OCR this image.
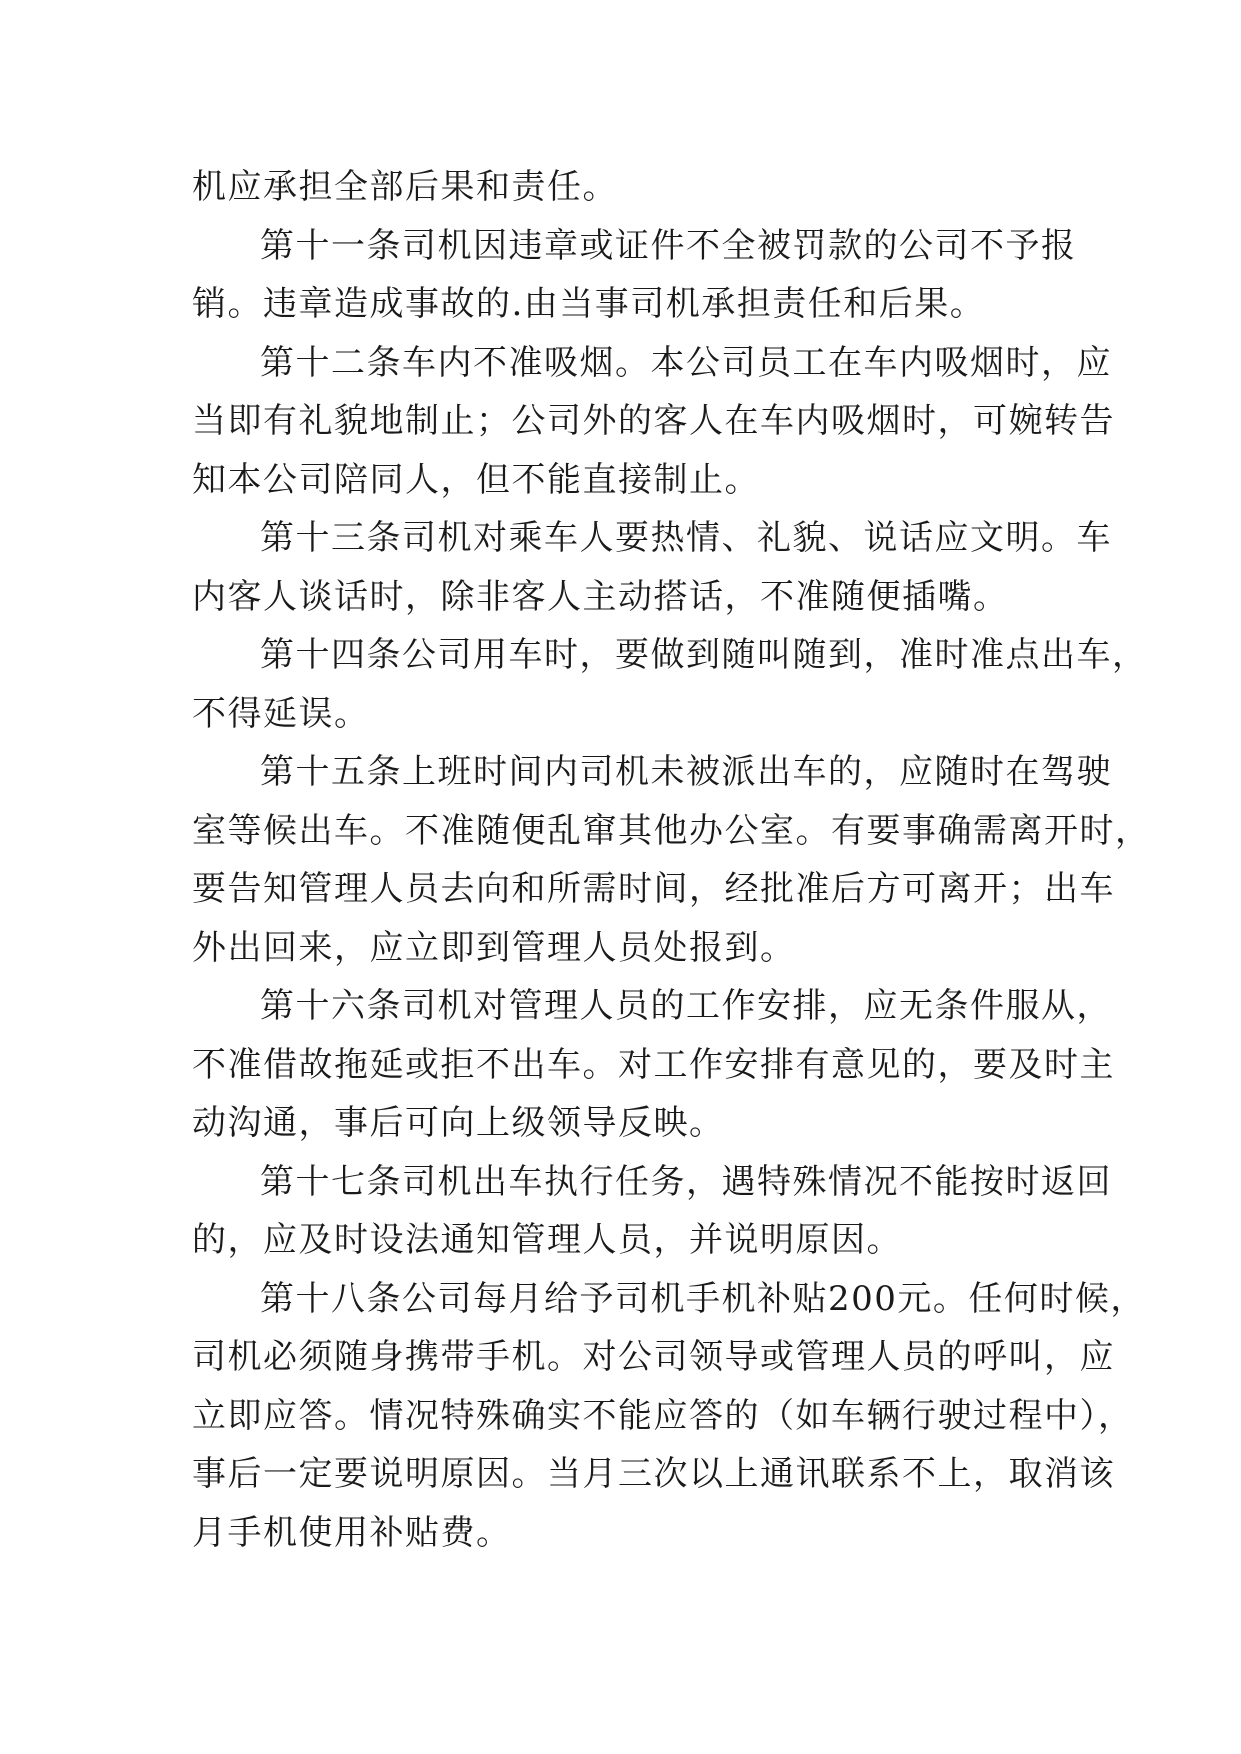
机应承担全部后果和责任。
第十一条司机因违章或证件不全被罚款的公司不予报
销。违章造成事故的.由当事司机承担责任和后果。
第十二条车内不准吸烟。本公司员工在车内吸烟时，应
当即有礼貌地制止；公司外的客人在车内吸烟时，可婉转告
知本公司陪同人，但不能直接制止。
第十三条司机对乘车人要热情、礼貌、说话应文明。车
内客人谈话时，除非客人主动搭话，不准随便插嘴。
第十四条公司用车时，要做到随叫随到，准时准点出车，
不得延误。
第十五条上班时间内司机未被派出车的，应随时在驾驶
室等候出车。不准随便乱窜其他办公室。有要事确需离开时，
要告知管理人员去向和所需时间，经批准后方可离开；出车
外出回来，应立即到管理人员处报到。
第十六条司机对管理人员的工作安排，应无条件服从，
不准借故拖延或拒不出车。对工作安排有意见的，要及时主
动沟通，事后可向上级领导反映。
第十七条司机出车执行任务，遇特殊情况不能按时返回
的，应及时设法通知管理人员，并说明原因。
第十八条公司每月给予司机手机补贴200元。任何时候，
司机必须随身携带手机。对公司领导或管理人员的呼叫，应
立即应答。情况特殊确实不能应答的（如车辆行驶过程中），
事后一定要说明原因。当月三次以上通讯联系不上，取消该
月手机使用补贴费。
